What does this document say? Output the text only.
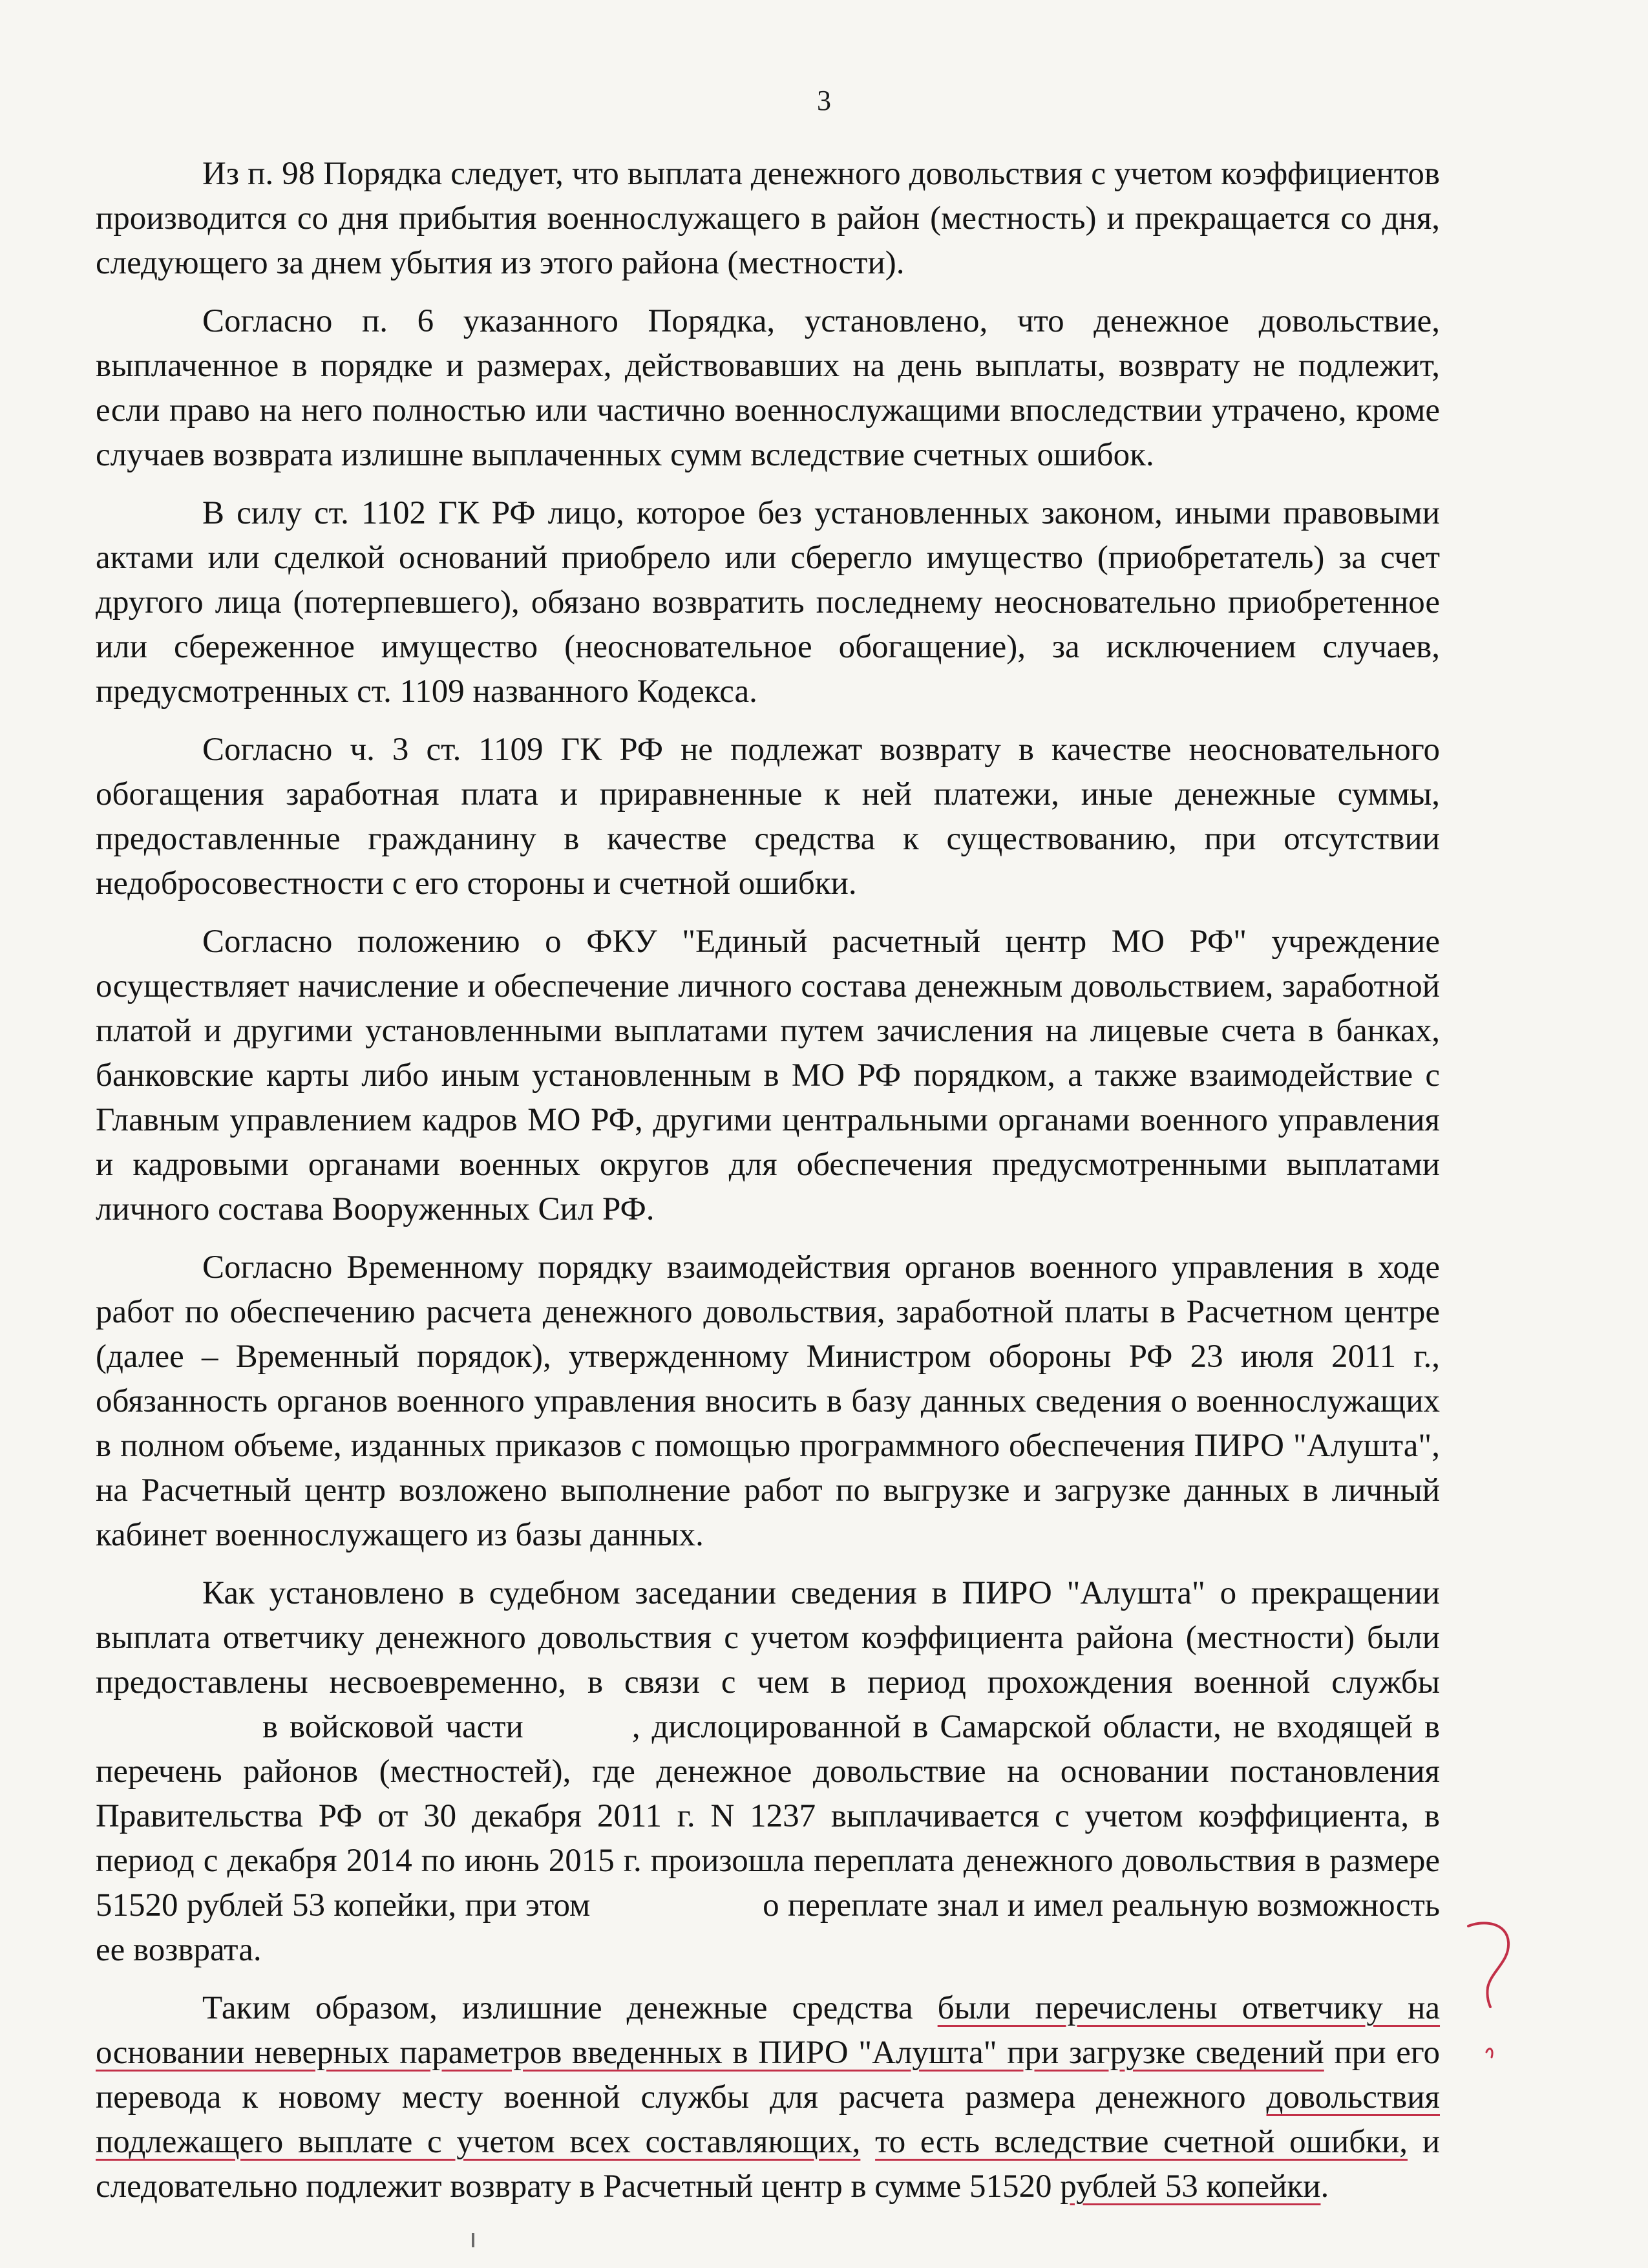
3

Из п. 98 Порядка следует, что выплата денежного довольствия с учетом коэффициентов производится со дня прибытия военнослужащего в район (местность) и прекращается со дня, следующего за днем убытия из этого района (местности).

Согласно п. 6 указанного Порядка, установлено, что денежное довольствие, выплаченное в порядке и размерах, действовавших на день выплаты, возврату не подлежит, если право на него полностью или частично военнослужащими впоследствии утрачено, кроме случаев возврата излишне выплаченных сумм вследствие счетных ошибок.

В силу ст. 1102 ГК РФ лицо, которое без установленных законом, иными правовыми актами или сделкой оснований приобрело или сберегло имущество (приобретатель) за счет другого лица (потерпевшего), обязано возвратить последнему неосновательно приобретенное или сбереженное имущество (неосновательное обогащение), за исключением случаев, предусмотренных ст. 1109 названного Кодекса.

Согласно ч. 3 ст. 1109 ГК РФ не подлежат возврату в качестве неосновательного обогащения заработная плата и приравненные к ней платежи, иные денежные суммы, предоставленные гражданину в качестве средства к существованию, при отсутствии недобросовестности с его стороны и счетной ошибки.

Согласно положению о ФКУ "Единый расчетный центр МО РФ" учреждение осуществляет начисление и обеспечение личного состава денежным довольствием, заработной платой и другими установленными выплатами путем зачисления на лицевые счета в банках, банковские карты либо иным установленным в МО РФ порядком, а также взаимодействие с Главным управлением кадров МО РФ, другими центральными органами военного управления и кадровыми органами военных округов для обеспечения предусмотренными выплатами личного состава Вооруженных Сил РФ.

Согласно Временному порядку взаимодействия органов военного управления в ходе работ по обеспечению расчета денежного довольствия, заработной платы в Расчетном центре (далее – Временный порядок), утвержденному Министром обороны РФ 23 июля 2011 г., обязанность органов военного управления вносить в базу данных сведения о военнослужащих в полном объеме, изданных приказов с помощью программного обеспечения ПИРО "Алушта", на Расчетный центр возложено выполнение работ по выгрузке и загрузке данных в личный кабинет военнослужащего из базы данных.

Как установлено в судебном заседании сведения в ПИРО "Алушта" о прекращении выплата ответчику денежного довольствия с учетом коэффициента района (местности) были предоставлены несвоевременно, в связи с чем в период прохождения военной службы  в войсковой части	, дислоцированной в Самарской области, не входящей в перечень районов (местностей), где денежное довольствие на основании постановления Правительства РФ от 30 декабря 2011 г. N 1237 выплачивается с учетом коэффициента, в период с декабря 2014 по июнь 2015 г. произошла переплата денежного довольствия в размере 51520 рублей 53 копейки, при этом	о переплате знал и имел реальную возможность ее возврата.

Таким образом, излишние денежные средства были перечислены ответчику на основании неверных параметров введенных в ПИРО "Алушта" при загрузке сведений при его перевода к новому месту военной службы для расчета размера денежного довольствия подлежащего выплате с учетом всех составляющих, то есть вследствие счетной ошибки, и следовательно подлежит возврату в Расчетный центр в сумме 51520 рублей 53 копейки.
